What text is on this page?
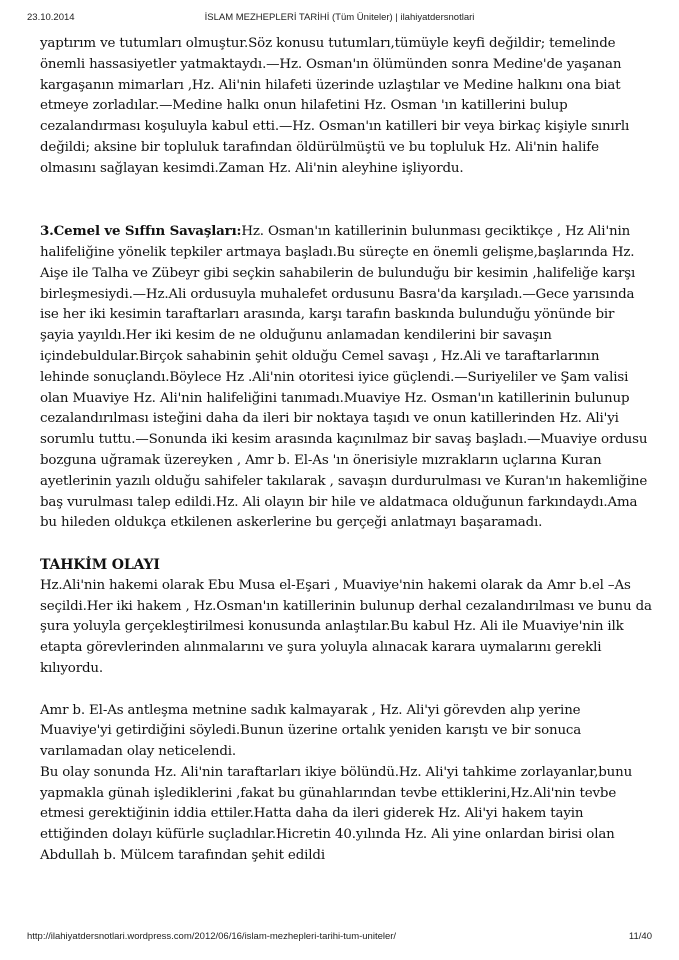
23.10.2014	İSLAM MEZHEPLERİ TARİHİ (Tüm Üniteler) | ilahiyatdersnotlari

yaptırım ve tutumları olmuştur.Söz konusu tutumları,tümüyle keyfi değildir; temelinde önemli hassasiyetler yatmaktaydı.—Hz. Osman'ın ölümünden sonra Medine'de yaşanan kargaşanın mimarları ,Hz. Ali'nin hilafeti üzerinde uzlaştılar ve Medine halkını ona biat etmeye zorladılar.—Medine halkı onun hilafetini Hz. Osman 'ın katillerini bulup cezalandırması koşuluyla kabul etti.—Hz. Osman'ın katilleri bir veya birkaç kişiyle sınırlı değildi; aksine bir topluluk tarafından öldürülmüştü ve bu topluluk Hz. Ali'nin halife olmasını sağlayan kesimdi.Zaman Hz. Ali'nin aleyhine işliyordu.

3.Cemel ve Sıffın Savaşları:Hz. Osman'ın katillerinin bulunması geciktikçe , Hz Ali'nin halifeliğine yönelik tepkiler artmaya başladı.Bu süreçte en önemli gelişme,başlarında Hz. Aişe ile Talha ve Zübeyr gibi seçkin sahabilerin de bulunduğu bir kesimin ,halifeliğe karşı birleşmesiydi.—Hz.Ali ordusuyla muhalefet ordusunu Basra'da karşıladı.—Gece yarısında ise her iki kesimin taraftarları arasında, karşı tarafın baskında bulunduğu yönünde bir şayia yayıldı.Her iki kesim de ne olduğunu anlamadan kendilerini bir savaşın içindebuldular.Birçok sahabinin şehit olduğu Cemel savaşı , Hz.Ali ve taraftarlarının lehinde sonuçlandı.Böylece Hz .Ali'nin otoritesi iyice güçlendi.—Suriyeliler ve Şam valisi olan Muaviye Hz. Ali'nin halifeliğini tanımadı.Muaviye Hz. Osman'ın katillerinin bulunup cezalandırılması isteğini daha da ileri bir noktaya taşıdı ve onun katillerinden Hz. Ali'yi sorumlu tuttu.—Sonunda iki kesim arasında kaçınılmaz bir savaş başladı.—Muaviye ordusu bozguna uğramak üzereyken , Amr b. El-As 'ın önerisiyle mızrakların uçlarına Kuran ayetlerinin yazılı olduğu sahifeler takılarak , savaşın durdurulması ve Kuran'ın hakemliğine baş vurulması talep edildi.Hz. Ali olayın bir hile ve aldatmaca olduğunun farkındaydı.Ama bu hileden oldukça etkilenen askerlerine bu gerçeği anlatmayı başaramadı.

TAHKİM OLAYI

Hz.Ali'nin hakemi olarak Ebu Musa el-Eşari , Muaviye'nin hakemi olarak da Amr b.el –As seçildi.Her iki hakem , Hz.Osman'ın katillerinin bulunup derhal cezalandırılması ve bunu da şura yoluyla gerçekleştirilmesi konusunda anlaştılar.Bu kabul Hz. Ali ile Muaviye'nin ilk etapta görevlerinden alınmalarını ve şura yoluyla alınacak karara uymalarını gerekli kılıyordu.

Amr b. El-As antleşma metnine sadık kalmayarak , Hz. Ali'yi görevden alıp yerine Muaviye'yi getirdiğini söyledi.Bunun üzerine ortalık yeniden karıştı ve bir sonuca varılamadan olay neticelendi.

Bu olay sonunda Hz. Ali'nin taraftarları ikiye bölündü.Hz. Ali'yi tahkime zorlayanlar,bunu yapmakla günah işlediklerini ,fakat bu günahlarından tevbe ettiklerini,Hz.Ali'nin tevbe etmesi gerektiğinin iddia ettiler.Hatta daha da ileri giderek Hz. Ali'yi hakem tayin ettiğinden dolayı küfürle suçladılar.Hicretin 40.yılında Hz. Ali yine onlardan birisi olan Abdullah b. Mülcem tarafından şehit edildi

http://ilahiyatdersnotlari.wordpress.com/2012/06/16/islam-mezhepleri-tarihi-tum-uniteler/	11/40
